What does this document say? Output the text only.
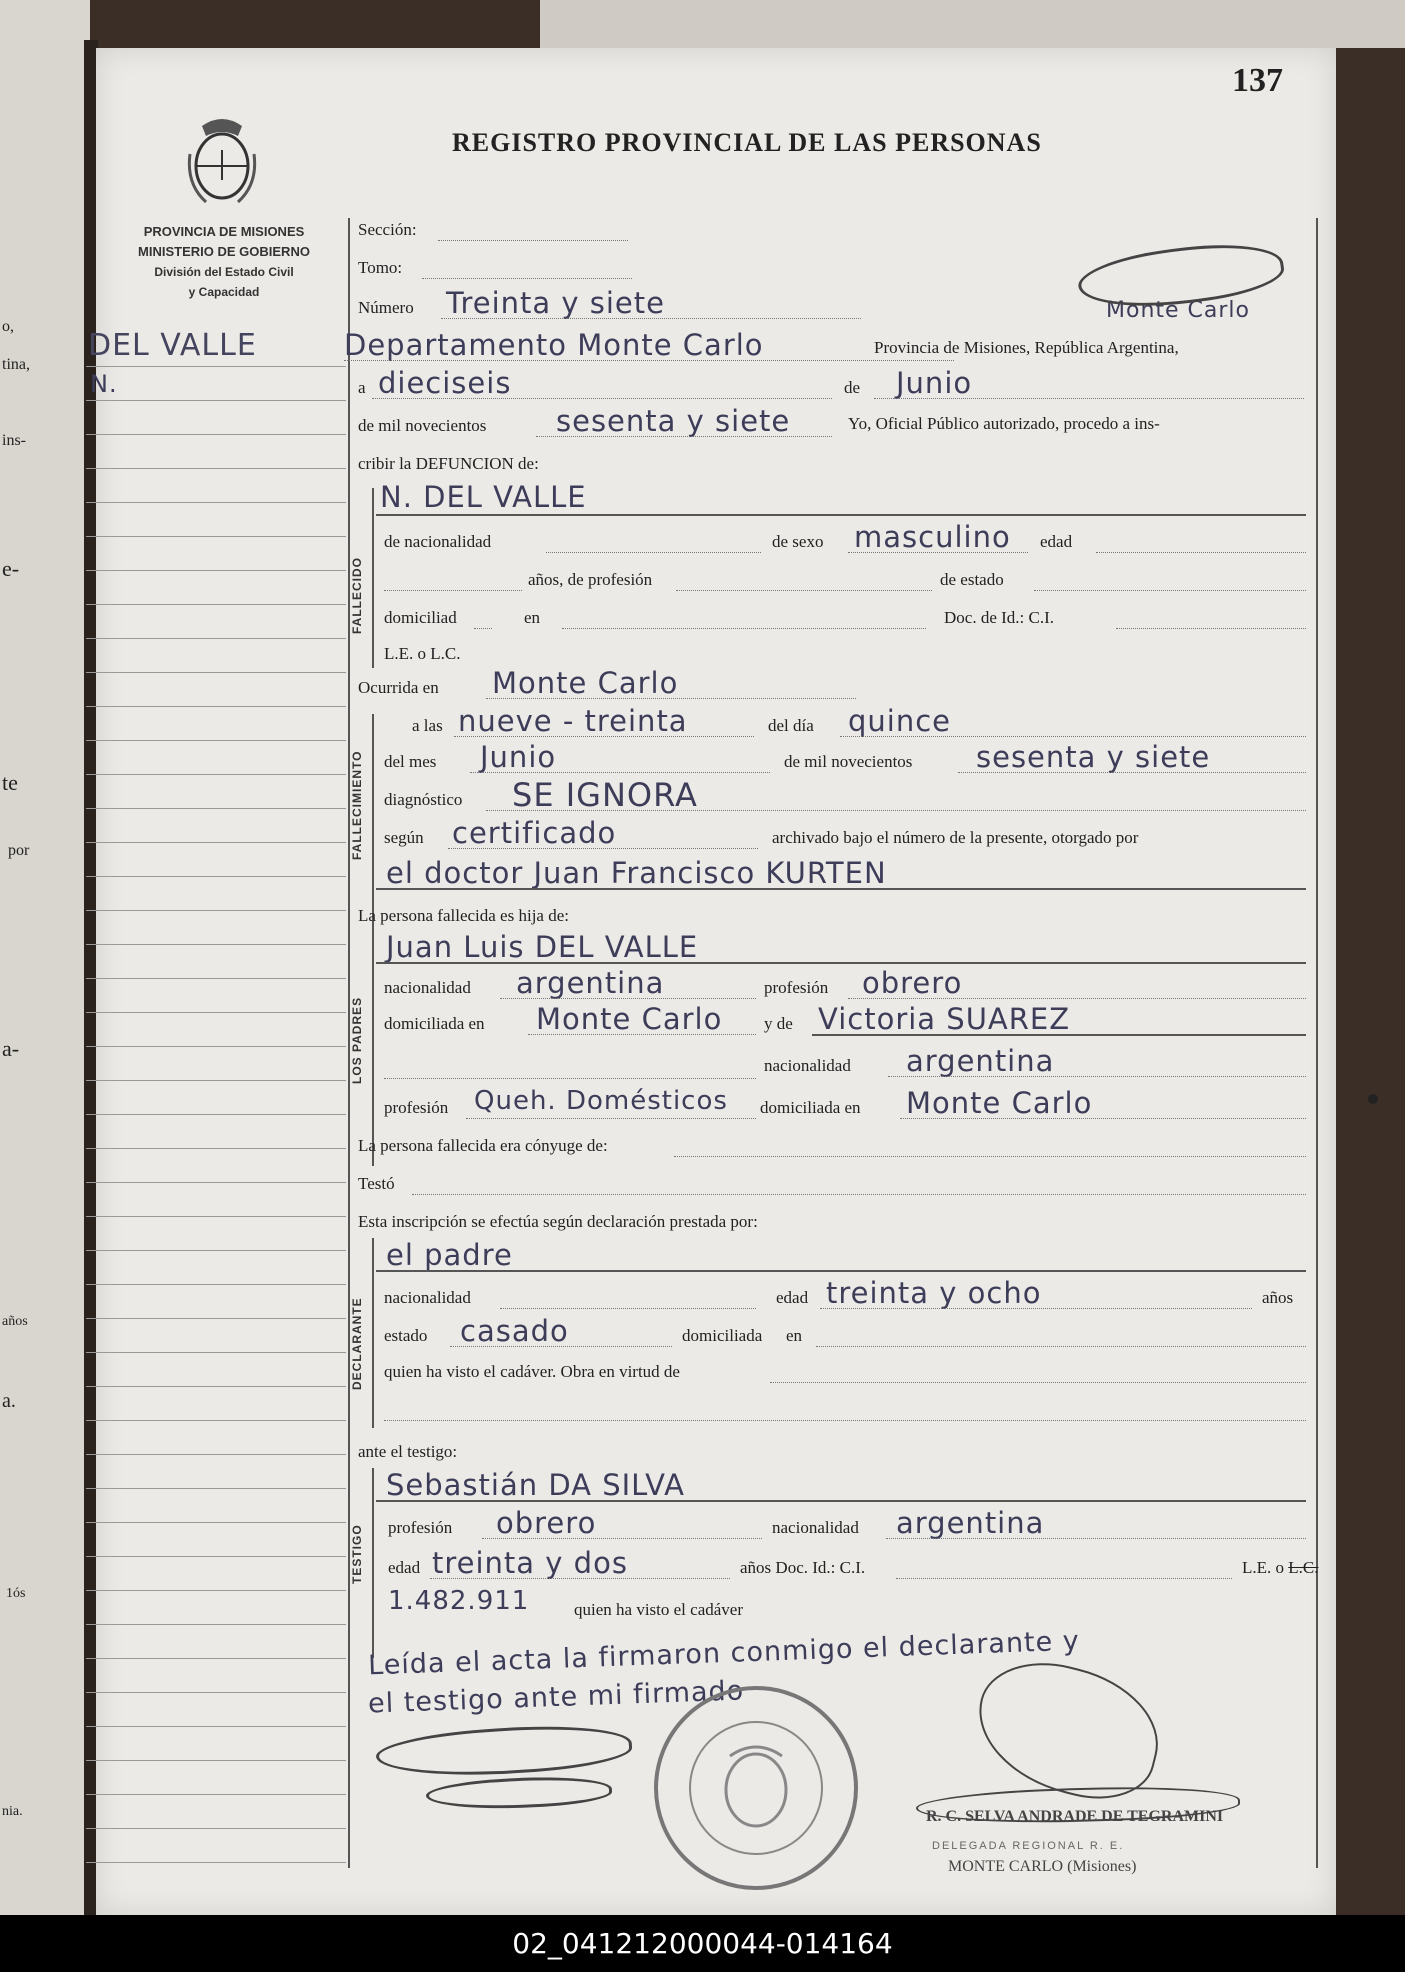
o,
tina,
ins-
e-
te
por
a-
años
a.
1ós
nia.
137
REGISTRO PROVINCIAL DE LAS PERSONAS
PROVINCIA DE MISIONES
MINISTERIO DE GOBIERNO
División del Estado Civil
y Capacidad
DEL VALLE
N.
Sección:
Tomo:
Número Treinta y siete	Monte Carlo
Departamento Monte Carlo	Provincia de Misiones, República Argentina,
a dieciseis	de Junio
de mil novecientos sesenta y siete	Yo, Oficial Público autorizado, procedo a ins-
cribir la DEFUNCION de:
FALLECIDO
N. DEL VALLE
de nacionalidad	de sexo masculino edad
años, de profesión	de estado
domiciliad	en	Doc. de Id.: C.I.
L.E. o L.C.
Ocurrida en Monte Carlo
FALLECIMIENTO
a las nueve - treinta	del día quince
del mes Junio	de mil novecientos sesenta y siete
diagnóstico SE IGNORA
según certificado	archivado bajo el número de la presente, otorgado por
el doctor Juan Francisco KURTEN
La persona fallecida es hija de:
LOS PADRES
Juan Luis DEL VALLE
nacionalidad argentina	profesión obrero
domiciliada en Monte Carlo y de Victoria SUAREZ
nacionalidad argentina
profesión Queh. Domésticos domiciliada en Monte Carlo
La persona fallecida era cónyuge de:
Testó
Esta inscripción se efectúa según declaración prestada por:
DECLARANTE
el padre
nacionalidad	edad treinta y ocho	años
estado casado	domiciliada en
quien ha visto el cadáver. Obra en virtud de
ante el testigo:
TESTIGO
Sebastián DA SILVA
profesión obrero	nacionalidad argentina
edad treinta y dos	años Doc. Id.: C.I.	L.E. o L.C.
1.482.911	quien ha visto el cadáver
Leída el acta la firmaron conmigo el declarante y
el testigo ante mi firmado
R. C. SELVA ANDRADE DE TEGRAMINI
DELEGADA REGIONAL R. E.
MONTE CARLO (Misiones)
02_041212000044-014164
